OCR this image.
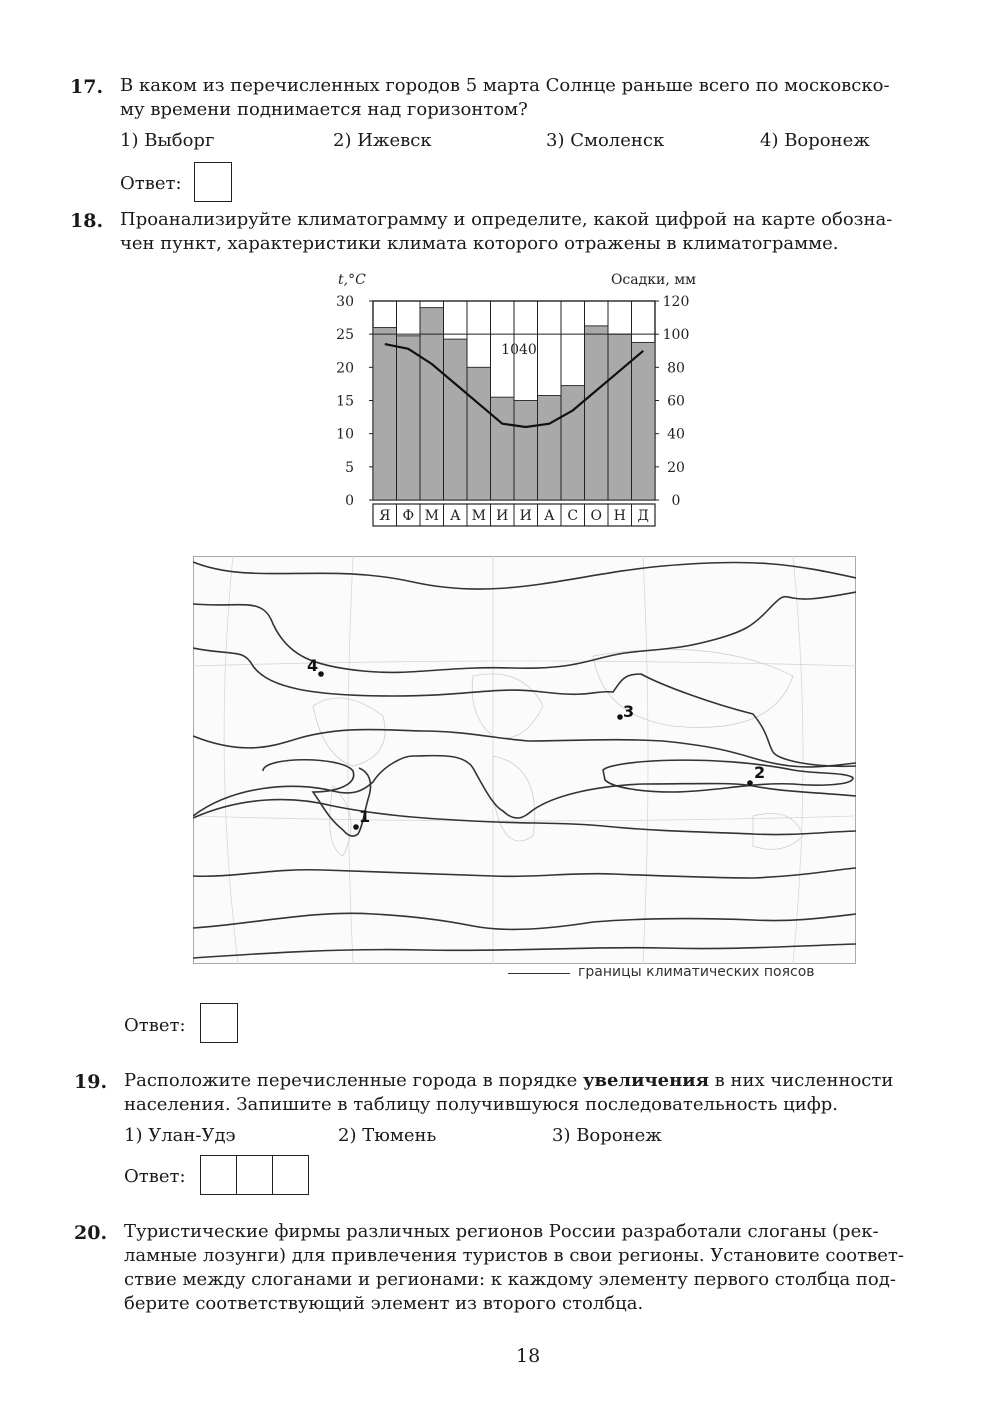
17. В каком из перечисленных городов 5 марта Солнце раньше всего по московско-
му времени поднимается над горизонтом?
1) Выборг	2) Ижевск	3) Смоленск	4) Воронеж
Ответ:
18. Проанализируйте климатограмму и определите, какой цифрой на карте обозна-
чен пункт, характеристики климата которого отражены в климатограмме.
0
5
10
15
20
25
30
0
20
40
60
80
100
120
Я Ф М А М И И А С О Н Д
t,°C	Осадки, мм
1040
1
2
3
4
границы климатических поясов
Ответ:
19. Расположите перечисленные города в порядке увеличения в них численности
населения. Запишите в таблицу получившуюся последовательность цифр.
1) Улан-Удэ	2) Тюмень	3) Воронеж
Ответ:
20. Туристические фирмы различных регионов России разработали слоганы (рек-
ламные лозунги) для привлечения туристов в свои регионы. Установите соответ-
ствие между слоганами и регионами: к каждому элементу первого столбца под-
берите соответствующий элемент из второго столбца.
18
